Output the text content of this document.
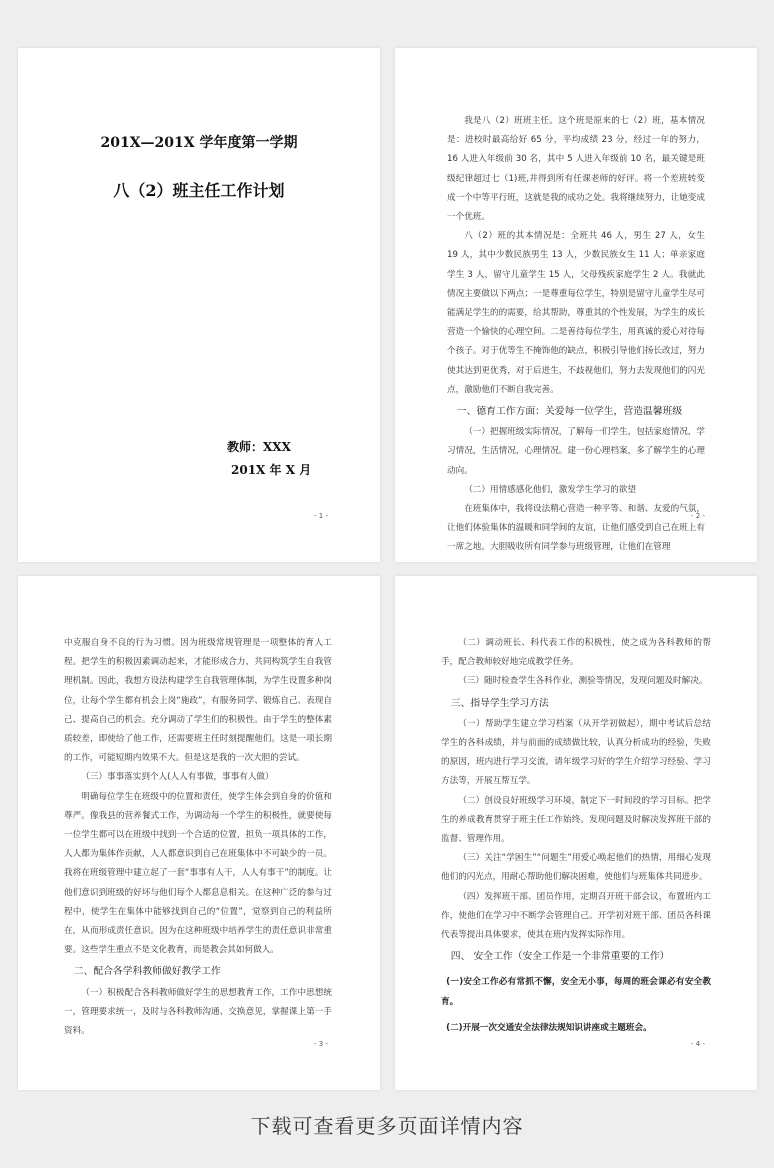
201X—201X 学年度第一学期
八（2）班主任工作计划
教师：XXX
201X 年 X 月
- 1 -

我是八（2）班班主任。这个班是原来的七（2）班，基本情况是：进校时最高给好 65 分，平均成绩 23 分，经过一年的努力，16 人进入年级前 30 名，其中 5 人进入年级前 10 名，最关键是班级纪律超过七（1)班,并得到所有任课老师的好评。将一个差班转变成一个中等平行班，这就是我的成功之处。我将继续努力，让她变成一个优班。

八（2）班的其本情况是：全班共 46 人，男生 27 人，女生 19 人，其中少数民族男生 13 人，少数民族女生 11 人；单亲家庭学生 3 人，留守儿童学生 15 人，父母残疾家庭学生 2 人。我就此情况主要做以下两点；一是尊重每位学生，特别是留守儿童学生尽可能满足学生的的需要，给其帮助，尊重其的个性发展，为学生的成长营造一个愉快的心理空间。二是善待每位学生，用真诚的爱心对待每个孩子。对于优等生不掩饰他的缺点，积极引导他们扬长改过，努力使其达到更优秀，对于后进生，不歧视他们，努力去发现他们的闪光点，激励他们不断自我完善。

一、德育工作方面：关爱每一位学生，营造温馨班级

（一）把握班级实际情况，了解每一们学生，包括家庭情况，学习情况，生活情况，心理情况。建一份心理档案，多了解学生的心理动向。

（二）用情感感化他们，激发学生学习的欲望

在班集体中，我将设法精心营造一种平等、和谐、友爱的气氛，让他们体验集体的温暖和同学间的友谊，让他们感受到自己在班上有一席之地。大胆吸收所有同学参与班级管理，让他们在管理

- 2 -

中克服自身不良的行为习惯。因为班级常规管理是一项整体的育人工程。把学生的积极因素调动起来，才能形成合力，共同构筑学生自我管理机制。因此，我想方设法构建学生自我管理体制，为学生设置多种岗位，让每个学生都有机会上岗“施政”，有服务同学、锻炼自己、表现自己、提高自己的机会。充分调动了学生们的积极性。由于学生的整体素质较差，即使给了他工作，还需要班主任时刻提醒他们。这是一项长期的工作，可能短期内效果不大。但是这是我的一次大胆的尝试。

（三）事事落实到个人(人人有事做，事事有人做）

明确每位学生在班级中的位置和责任，使学生体会到自身的价值和尊严。像我县的营养餐式工作，为调动每一个学生的积极性，就要使每一位学生都可以在班级中找到一个合适的位置，担负一项具体的工作，人人都为集体作贡献，人人都意识到自己在班集体中不可缺少的一员。我将在班级管理中建立起了一套“事事有人干，人人有事干”的制度。让他们意识到班级的好坏与他们每个人都息息相关。在这种广泛的参与过程中，使学生在集体中能够找到自己的“位置”，觉察到自己的利益所在，从而形成责任意识。因为在这种班级中培养学生的责任意识非常重要。这些学生重点不是文化教育，而是教会其如何做人。

二、配合各学科教师做好教学工作

（一）积极配合各科教师做好学生的思想教育工作，工作中思想统一，管理要求统一，及时与各科教师沟通、交换意见，掌握课上第一手资料。

- 3 -

（二）调动班长、科代表工作的积极性，使之成为各科教师的帮手，配合教师较好地完成教学任务。

（三）随时检查学生各科作业，测验等情况，发现问题及时解决。

三、指导学生学习方法

（一）帮助学生建立学习档案（从开学初做起），期中考试后总结学生的各科成绩，并与前面的成绩做比较，认真分析成功的经验，失败的原因，班内进行学习交流，请年级学习好的学生介绍学习经验、学习方法等，开展互帮互学。

（二）创设良好班级学习环境，制定下一时间段的学习目标。把学生的养成教育贯穿于班主任工作始终。发现问题及时解决发挥班干部的监督、管理作用。

（三）关注“学困生”“问题生”用爱心唤起他们的热情，用细心发现他们的闪光点，用耐心帮助他们解决困难，使他们与班集体共同进步。

（四）发挥班干部、团员作用，定期召开班干部会议，布置班内工作，使他们在学习中不断学会管理自己。开学初对班干部、团员各科课代表等提出具体要求，使其在班内发挥实际作用。

四、 安全工作（安全工作是一个非常重要的工作）

(一)安全工作必有常抓不懈，安全无小事，每周的班会课必有安全教育。

(二)开展一次交通安全法律法规知识讲座或主题班会。

- 4 -
下载可查看更多页面详情内容
